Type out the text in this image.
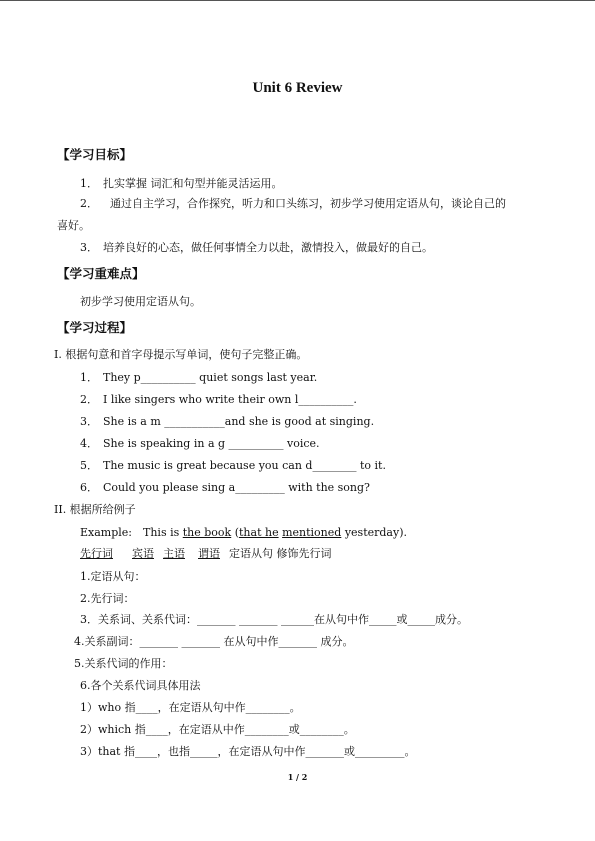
Unit 6 Review
【学习目标】
1． 扎实掌握 词汇和句型并能灵活运用。
2． 通过自主学习，合作探究，听力和口头练习，初步学习使用定语从句，谈论自己的
喜好。
3． 培养良好的心态，做任何事情全力以赴，激情投入，做最好的自己。
【学习重难点】
初步学习使用定语从句。
【学习过程】
I. 根据句意和首字母提示写单词，使句子完整正确。
1． They p__________ quiet songs last year.
2． I like singers who write their own l__________.
3． She is a m ___________and she is good at singing.
4． She is speaking in a g __________ voice.
5． The music is great because you can d________ to it.
6． Could you please sing a_________ with the song?
II. 根据所给例子
Example: This is the book (that he mentioned yesterday).
先行词 宾语 主语 谓语 定语从句 修饰先行词
1.定语从句：
2.先行词：
3．关系词、关系代词：_______ _______ ______在从句中作_____或_____成分。
4.关系副词：_______ _______ 在从句中作_______ 成分。
5.关系代词的作用：
6.各个关系代词具体用法
1）who 指____，在定语从句中作________。
2）which 指____，在定语从中作________或________。
3）that 指____，也指_____，在定语从句中作_______或_________。
1 / 2
